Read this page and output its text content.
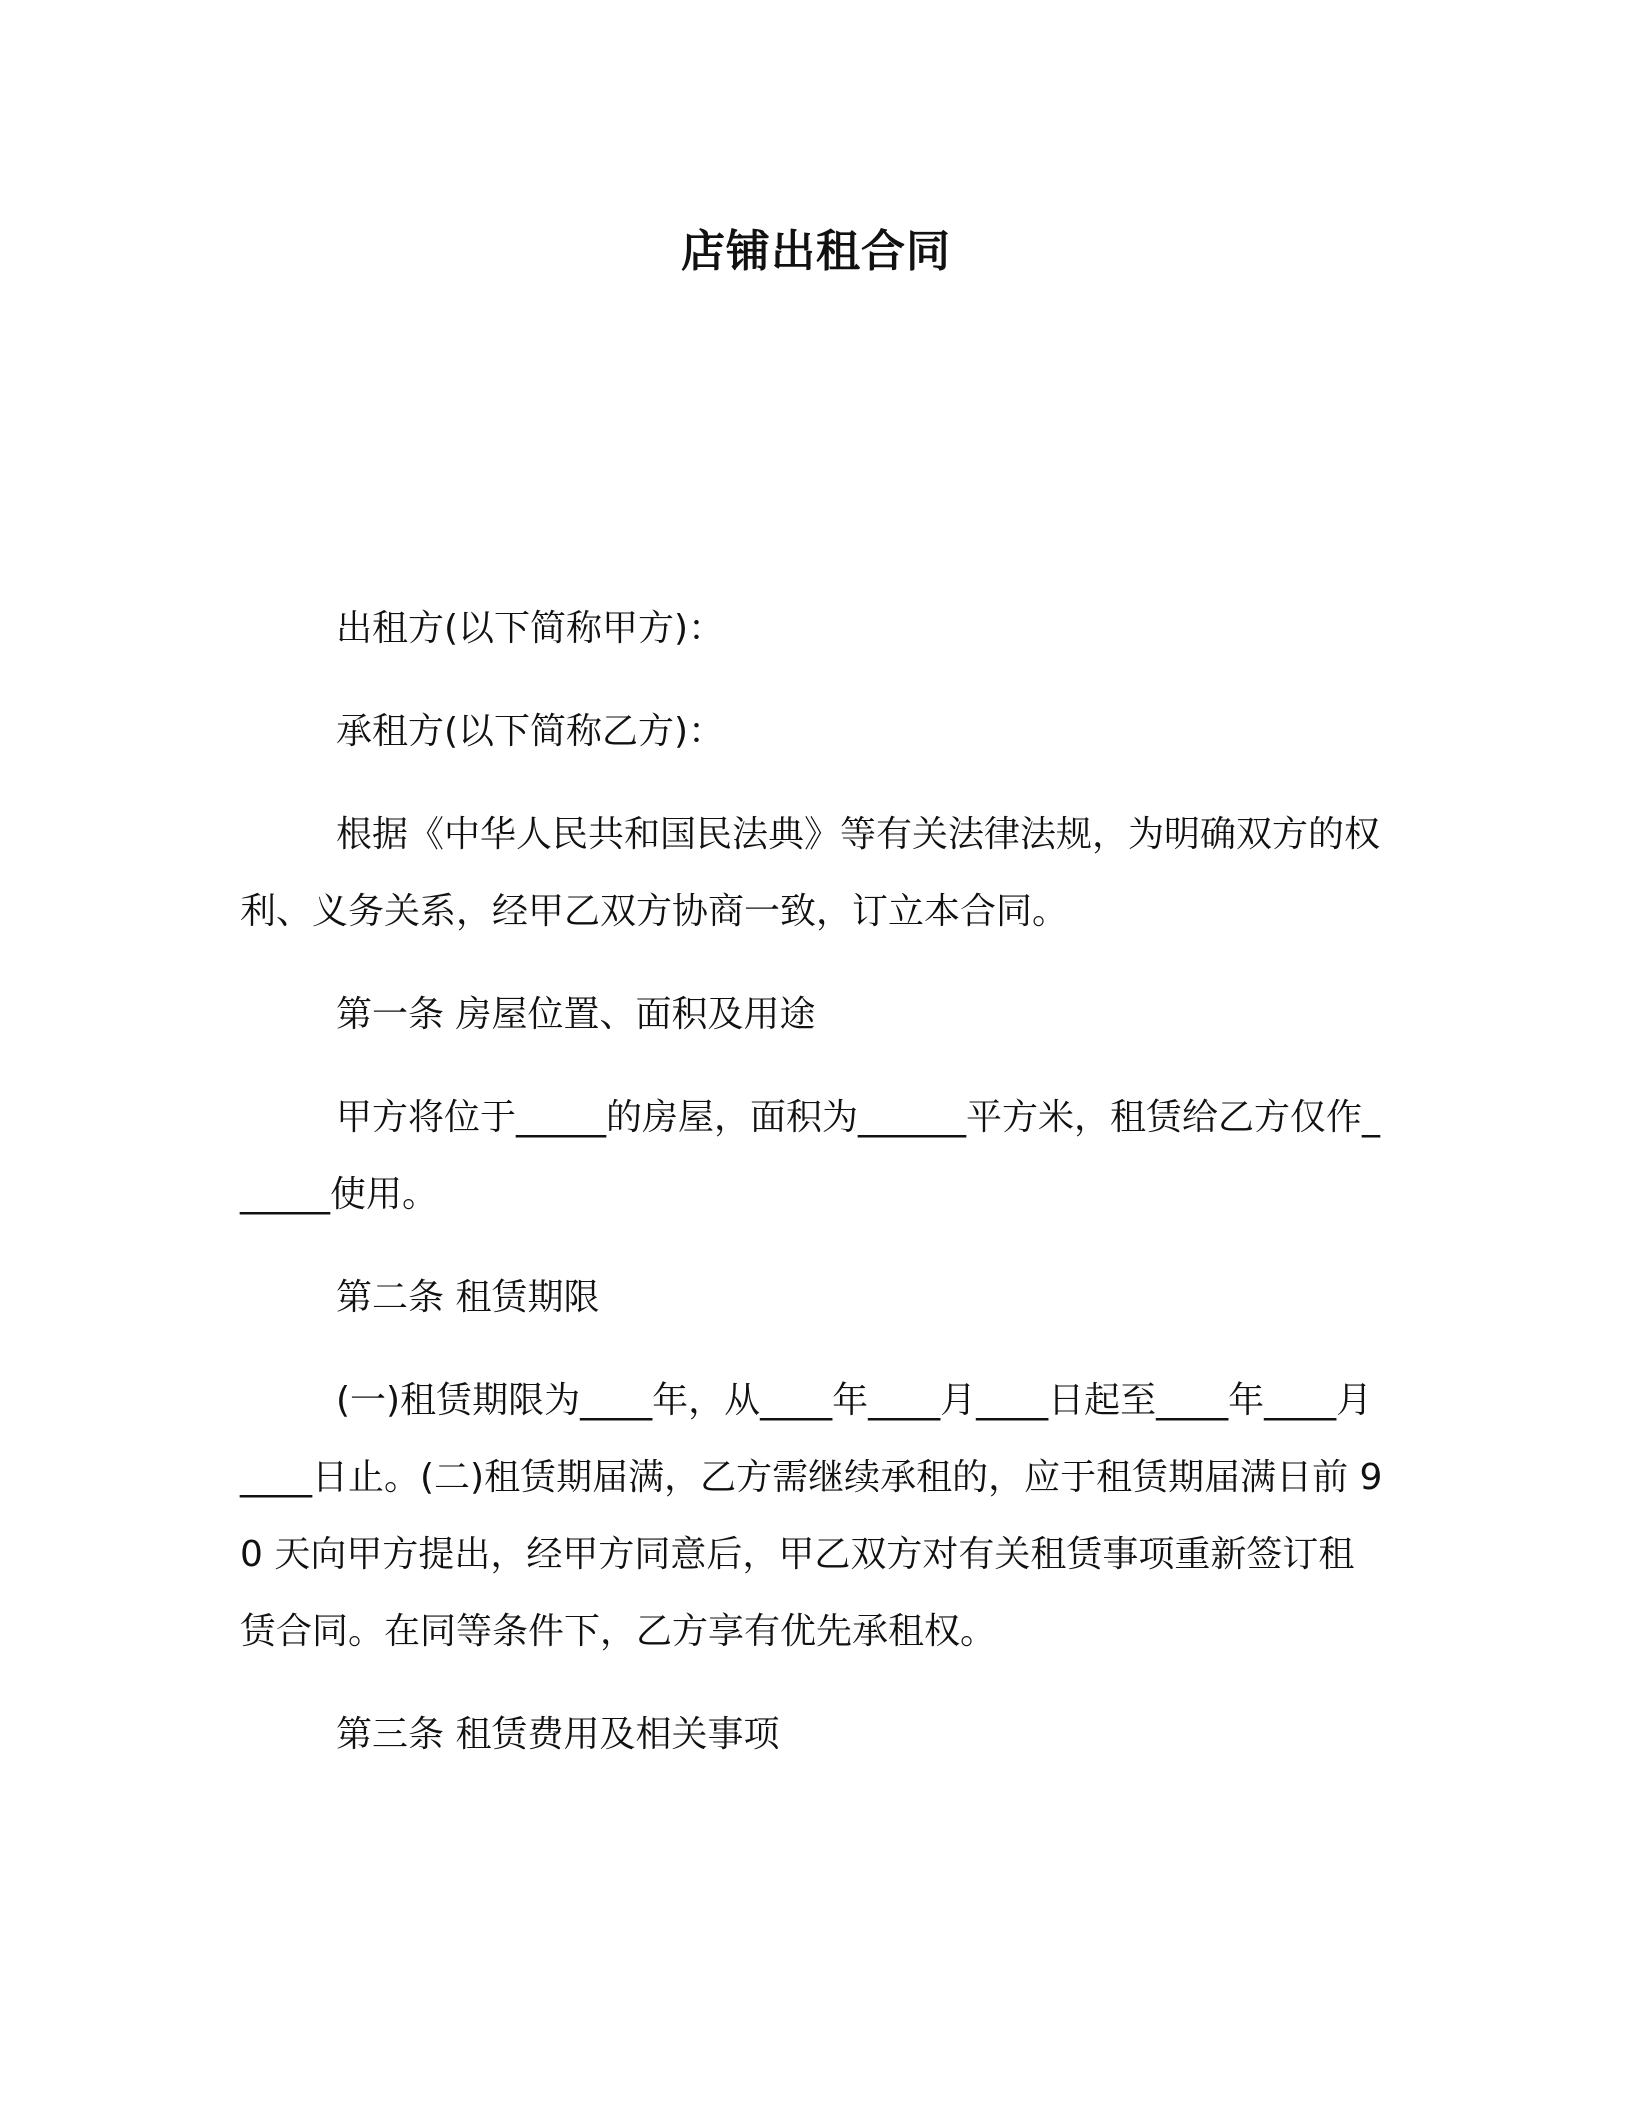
店铺出租合同

出租方(以下简称甲方)：

承租方(以下简称乙方)：

根据《中华人民共和国民法典》等有关法律法规，为明确双方的权利、义务关系，经甲乙双方协商一致，订立本合同。

第一条 房屋位置、面积及用途

甲方将位于_____的房屋，面积为______平方米，租赁给乙方仅作______使用。

第二条 租赁期限

(一)租赁期限为____年，从____年____月____日起至____年____月____日止。(二)租赁期届满，乙方需继续承租的，应于租赁期届满日前 90 天向甲方提出，经甲方同意后，甲乙双方对有关租赁事项重新签订租赁合同。在同等条件下，乙方享有优先承租权。

第三条 租赁费用及相关事项
